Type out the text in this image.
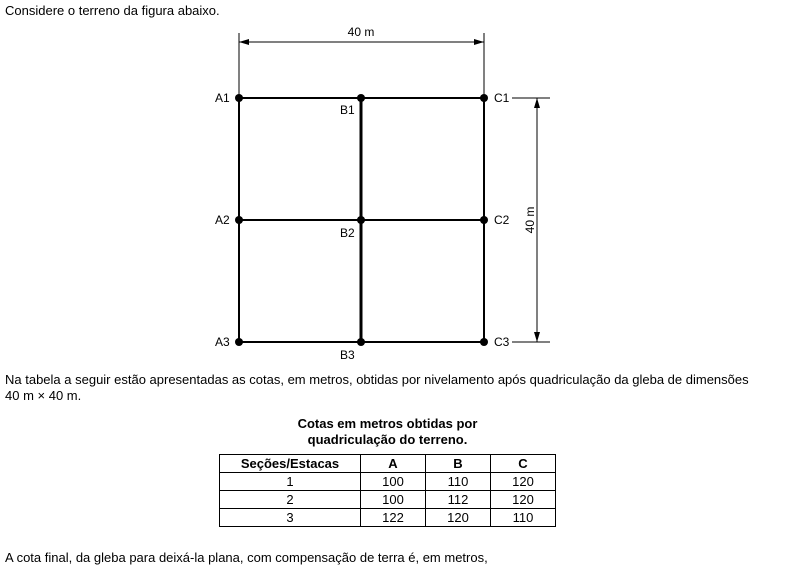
Considere o terreno da figura abaixo.
40 m
40 m
A1
B1
C1
A2
B2
C2
A3
B3
C3
Na tabela a seguir estão apresentadas as cotas, em metros, obtidas por nivelamento após quadriculação da gleba de dimensões
40 m × 40 m.
Cotas em metros obtidas por
quadriculação do terreno.
Seções/Estacas	A	B	C
1	100	110	120
2	100	112	120
3	122	120	110
A cota final, da gleba para deixá-la plana, com compensação de terra é, em metros,
